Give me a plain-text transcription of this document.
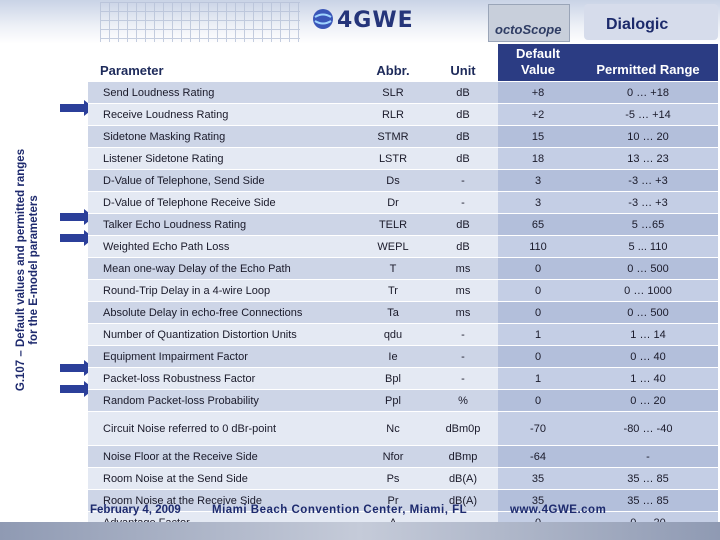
4GWE	octoScope	Dialogic
G.107 – Default values and permitted ranges for the E-model parameters
Parameter	Abbr.	Unit	Default Value	Permitted Range
Send Loudness Rating	SLR	dB	+8	0 … +18
Receive Loudness Rating	RLR	dB	+2	-5 … +14
Sidetone Masking Rating	STMR	dB	15	10 … 20
Listener Sidetone Rating	LSTR	dB	18	13 … 23
D-Value of Telephone, Send Side	Ds	-	3	-3 … +3
D-Value of Telephone Receive Side	Dr	-	3	-3 … +3
Talker Echo Loudness Rating	TELR	dB	65	5 …65
Weighted Echo Path Loss	WEPL	dB	110	5 ... 110
Mean one-way Delay of the Echo Path	T	ms	0	0 … 500
Round-Trip Delay in a 4-wire Loop	Tr	ms	0	0 … 1000
Absolute Delay in echo-free Connections	Ta	ms	0	0 … 500
Number of Quantization Distortion Units	qdu	-	1	1 … 14
Equipment Impairment Factor	Ie	-	0	0 … 40
Packet-loss Robustness Factor	Bpl	-	1	1 … 40
Random Packet-loss Probability	Ppl	%	0	0 … 20
Circuit Noise referred to 0 dBr-point	Nc	dBm0p	-70	-80 … -40
Noise Floor at the Receive Side	Nfor	dBmp	-64	-
Room Noise at the Send Side	Ps	dB(A)	35	35 … 85
Room Noise at the Receive Side	Pr	dB(A)	35	35 … 85

February 4, 2009	Miami Beach Convention Center, Miami, FL	www.4GWE.com
